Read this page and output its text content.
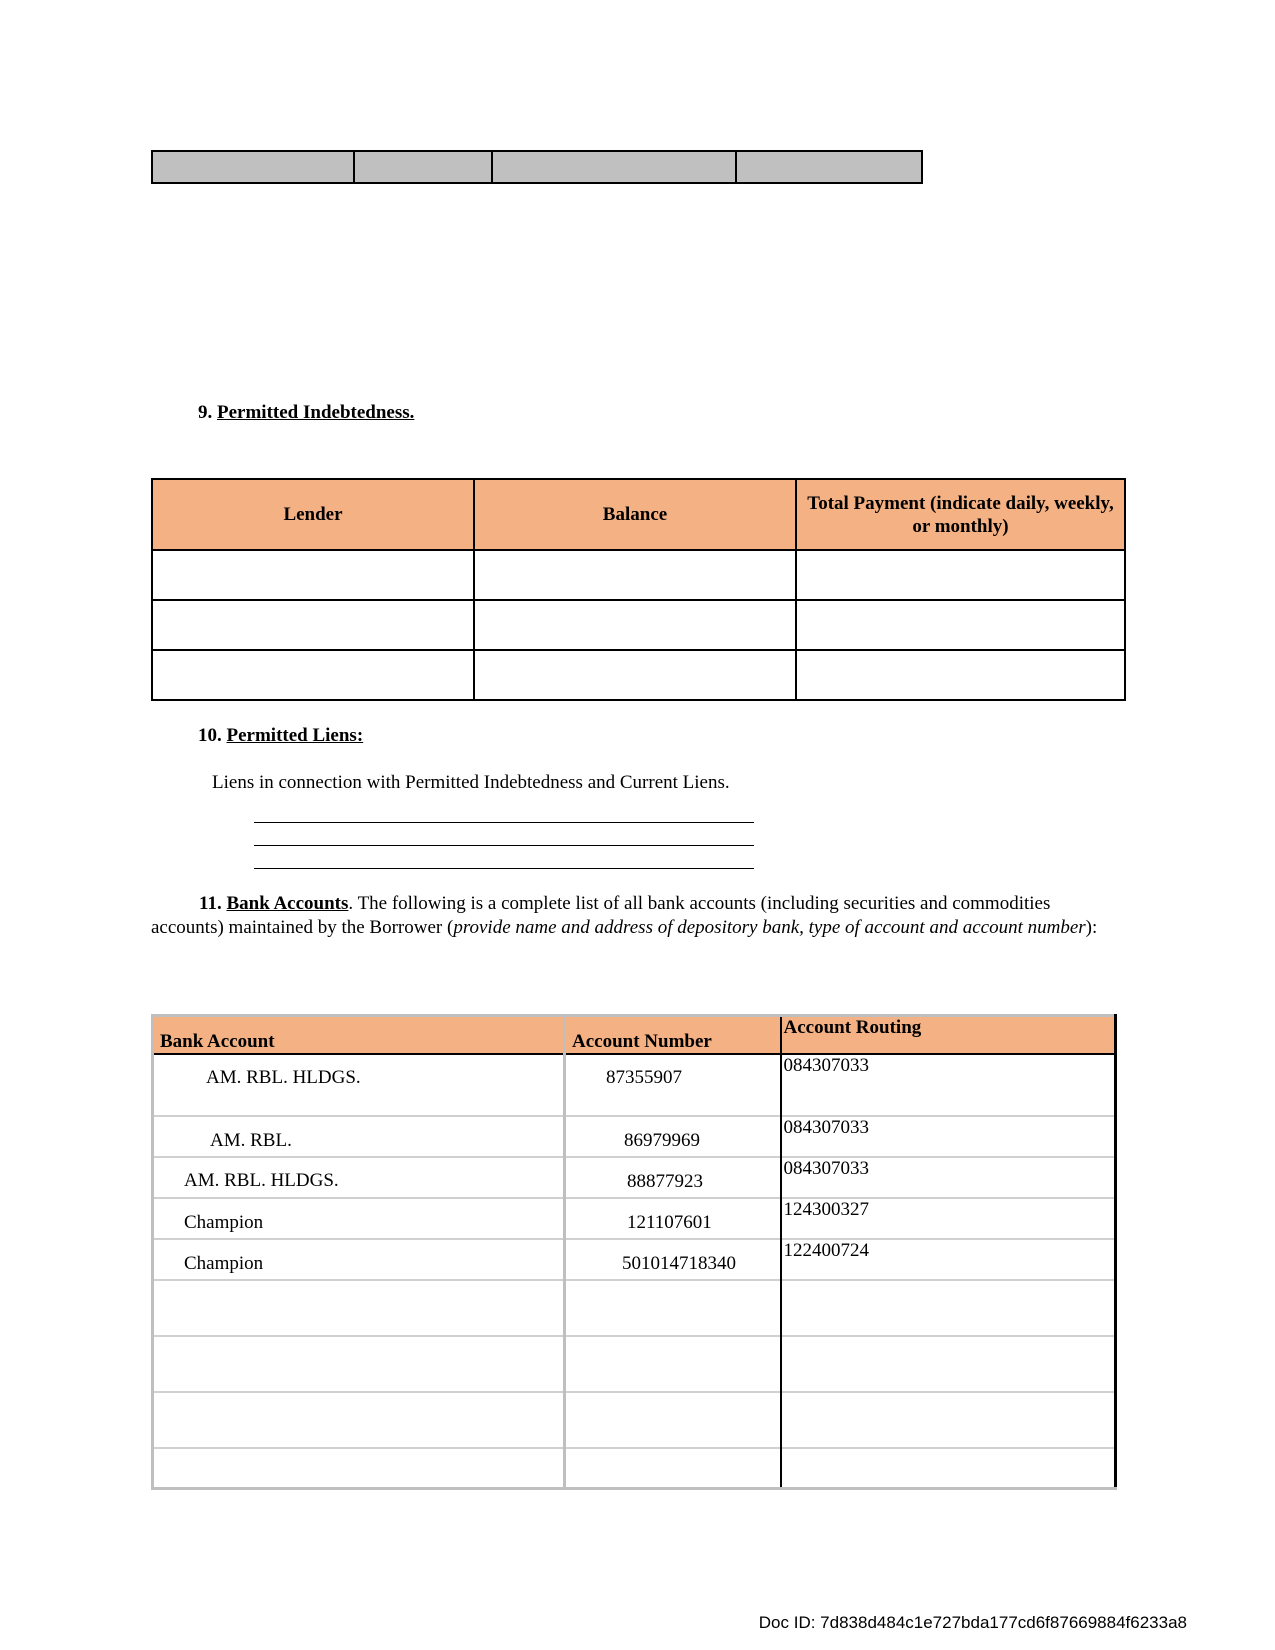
9. Permitted Indebtedness.
Lender	Balance	Total Payment (indicate daily, weekly, or monthly)

10. Permitted Liens:
Liens in connection with Permitted Indebtedness and Current Liens.
11. Bank Accounts. The following is a complete list of all bank accounts (including securities and commodities accounts) maintained by the Borrower (provide name and address of depository bank, type of account and account number):
Bank Account	Account Number	Account Routing
AM. RBL. HLDGS.	87355907	084307033
AM. RBL.	86979969	084307033
AM. RBL. HLDGS.	88877923	084307033
Champion	121107601	124300327
Champion	501014718340	122400724

Doc ID: 7d838d484c1e727bda177cd6f87669884f6233a8
